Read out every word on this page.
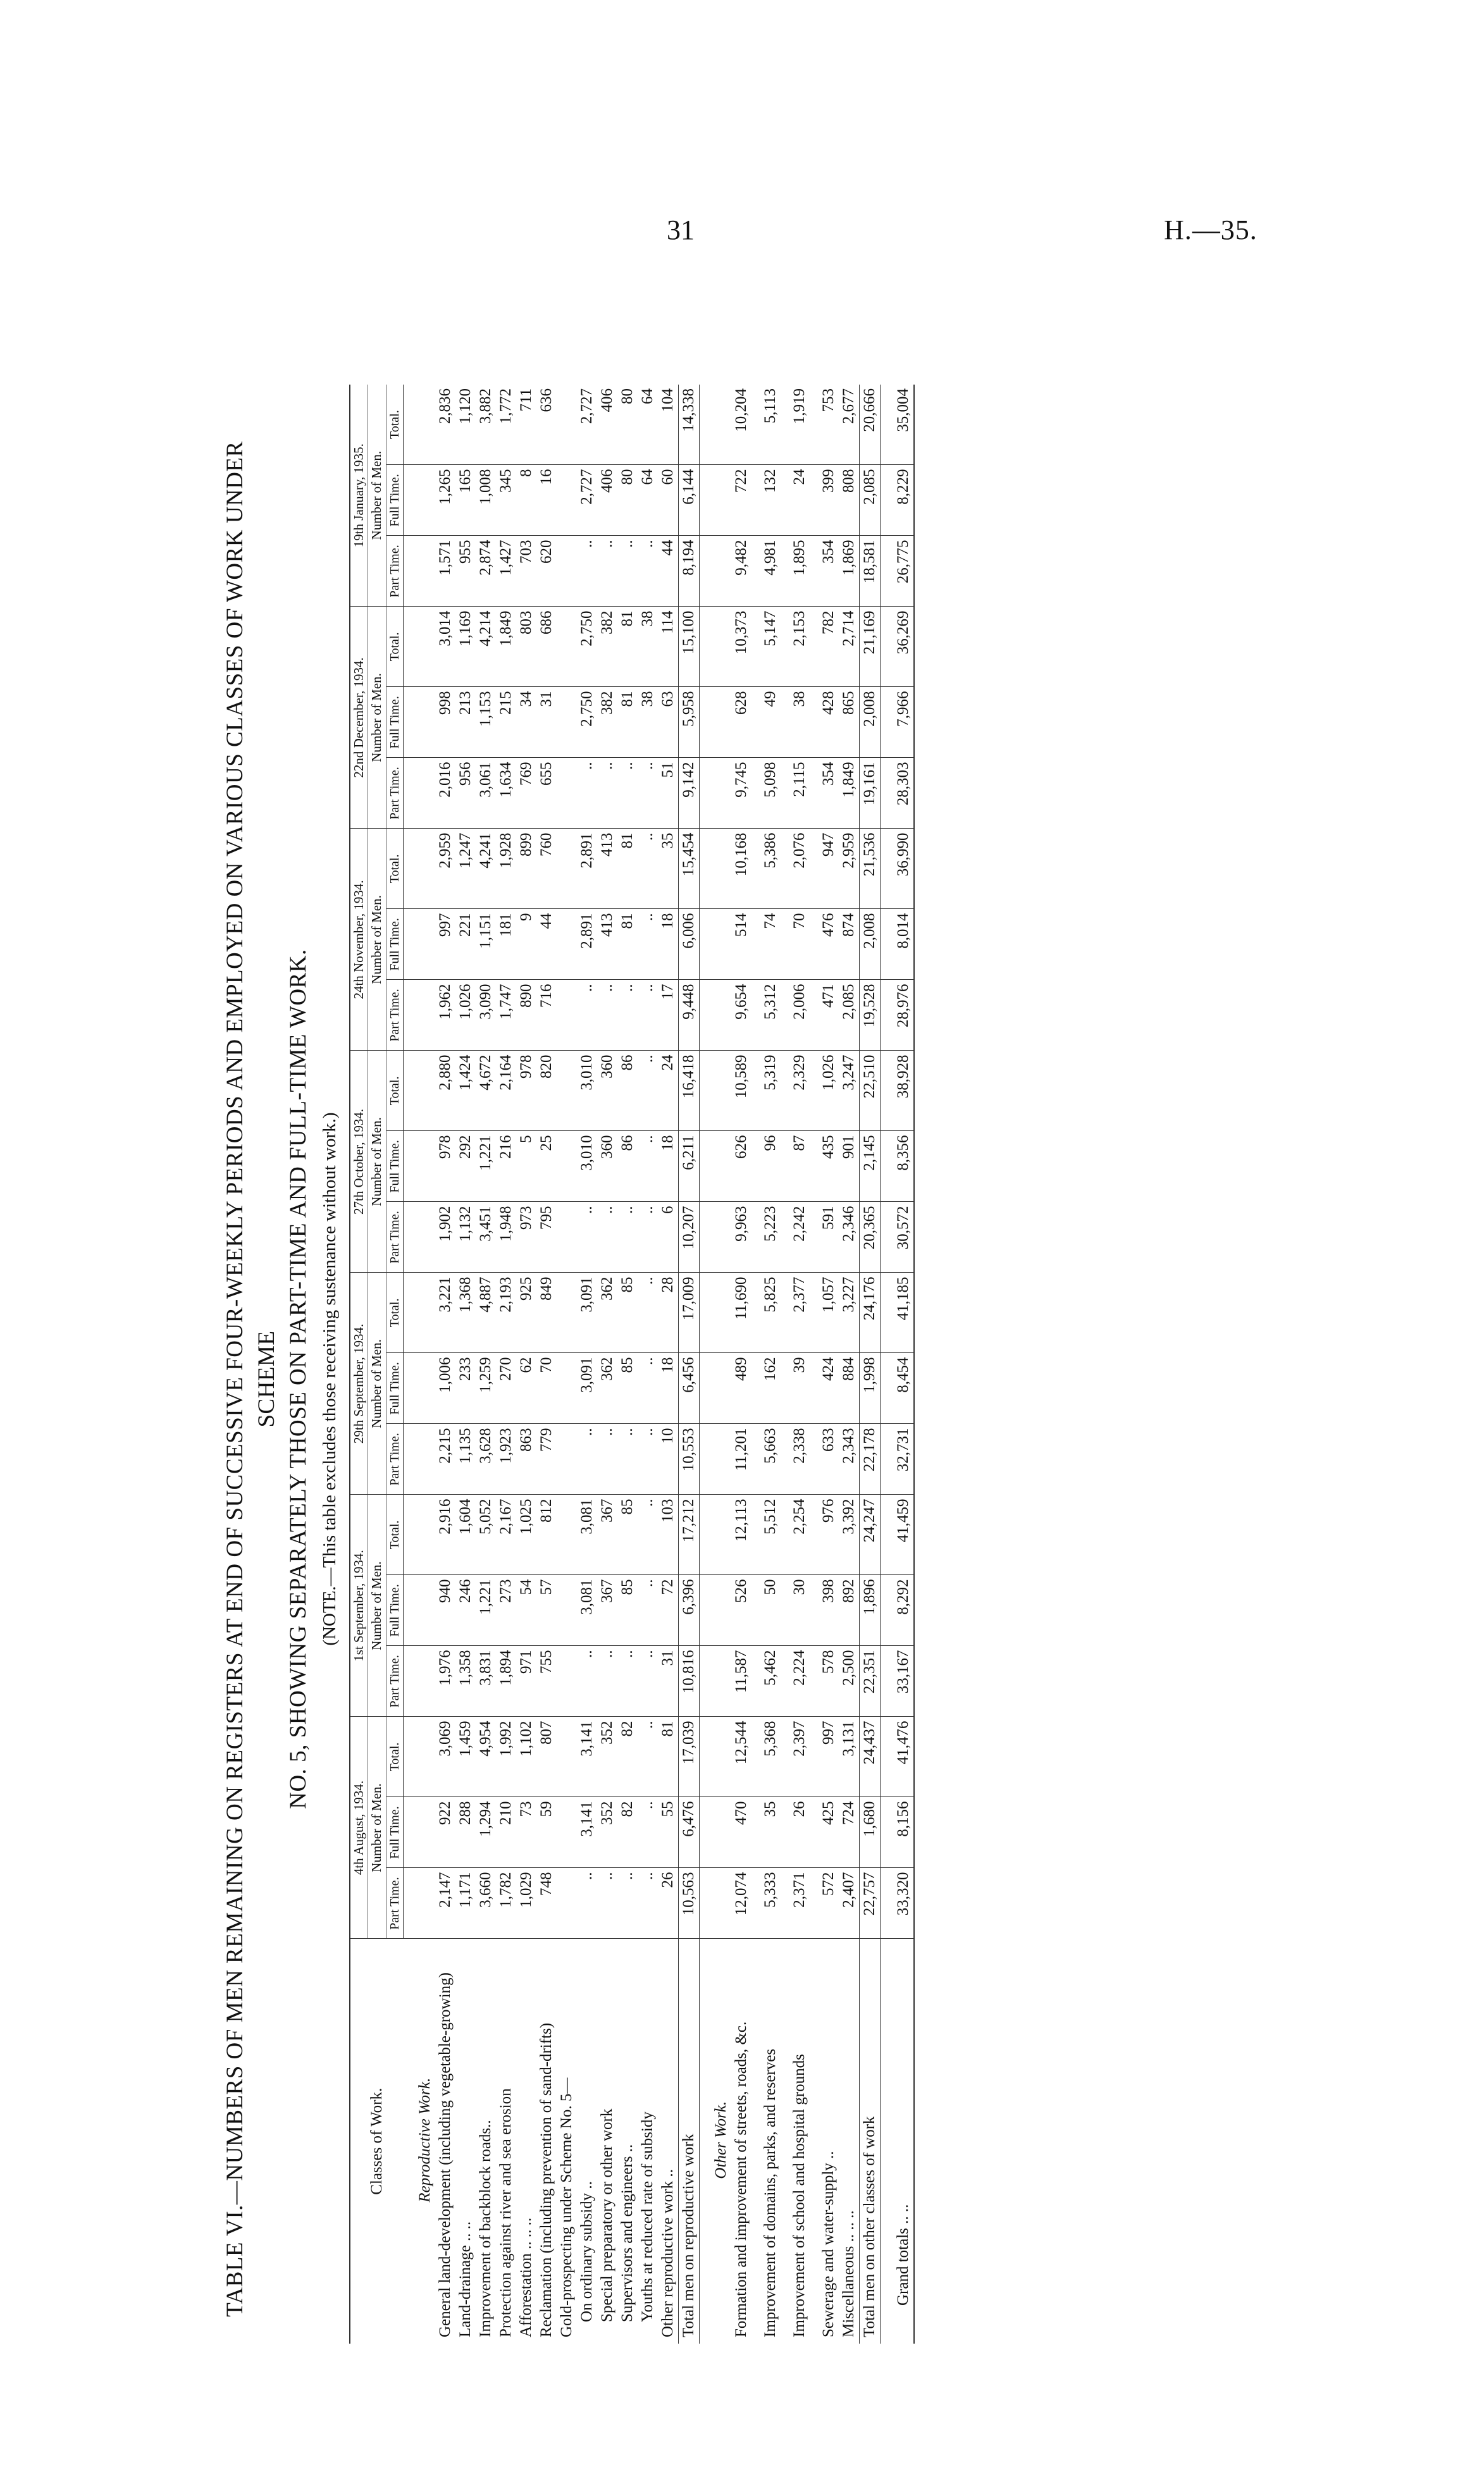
31	H.—35.
TABLE VI.—NUMBERS OF MEN REMAINING ON REGISTERS AT END OF SUCCESSIVE FOUR-WEEKLY PERIODS AND EMPLOYED ON VARIOUS CLASSES OF WORK UNDER SCHEME NO. 5, SHOWING SEPARATELY THOSE ON PART-TIME AND FULL-TIME WORK. (NOTE.—This table excludes those receiving sustenance without work.)
Classes of Work.	4th August, 1934.			1st September, 1934.			29th September, 1934.			27th October, 1934.			24th November, 1934.			22nd December, 1934.			19th January, 1935.		
	Number of Men.			Number of Men.			Number of Men.			Number of Men.			Number of Men.			Number of Men.			Number of Men.		
	Part Time.	Full Time.	Total.	Part Time.	Full Time.	Total.	Part Time.	Full Time.	Total.	Part Time.	Full Time.	Total.	Part Time.	Full Time.	Total.	Part Time.	Full Time.	Total.	Part Time.	Full Time.	Total.
Reproductive Work.																					
General land-development (including vegetable-growing)	2,147	922	3,069	1,976	940	2,916	2,215	1,006	3,221	1,902	978	2,880	1,962	997	2,959	2,016	998	3,014	1,571	1,265	2,836
Land-drainage .. ..	1,171	288	1,459	1,358	246	1,604	1,135	233	1,368	1,132	292	1,424	1,026	221	1,247	956	213	1,169	955	165	1,120
Improvement of backblock roads..	3,660	1,294	4,954	3,831	1,221	5,052	3,628	1,259	4,887	3,451	1,221	4,672	3,090	1,151	4,241	3,061	1,153	4,214	2,874	1,008	3,882
Protection against river and sea erosion	1,782	210	1,992	1,894	273	2,167	1,923	270	2,193	1,948	216	2,164	1,747	181	1,928	1,634	215	1,849	1,427	345	1,772
Afforestation .. .. ..	1,029	73	1,102	971	54	1,025	863	62	925	973	5	978	890	9	899	769	34	803	703	8	711
Reclamation (including prevention of sand-drifts)	748	59	807	755	57	812	779	70	849	795	25	820	716	44	760	655	31	686	620	16	636
Gold-prospecting under Scheme No. 5—																					
On ordinary subsidy ..	..	3,141	3,141	..	3,081	3,081	..	3,091	3,091	..	3,010	3,010	..	2,891	2,891	..	2,750	2,750	..	2,727	2,727
Special preparatory or other work	..	352	352	..	367	367	..	362	362	..	360	360	..	413	413	..	382	382	..	406	406
Supervisors and engineers ..	..	82	82	..	85	85	..	85	85	..	86	86	..	81	81	..	81	81	..	80	80
Youths at reduced rate of subsidy	..	..	..	..	..	..	..	..	..	..	..	..	..	..	..	..	38	38	..	64	64
Other reproductive work ..	26	55	81	31	72	103	10	18	28	6	18	24	17	18	35	51	63	114	44	60	104
Total men on reproductive work	10,563	6,476	17,039	10,816	6,396	17,212	10,553	6,456	17,009	10,207	6,211	16,418	9,448	6,006	15,454	9,142	5,958	15,100	8,194	6,144	14,338
Other Work.																					
Formation and improvement of streets, roads, &c.	12,074	470	12,544	11,587	526	12,113	11,201	489	11,690	9,963	626	10,589	9,654	514	10,168	9,745	628	10,373	9,482	722	10,204
Improvement of domains, parks, and reserves	5,333	35	5,368	5,462	50	5,512	5,663	162	5,825	5,223	96	5,319	5,312	74	5,386	5,098	49	5,147	4,981	132	5,113
Improvement of school and hospital grounds	2,371	26	2,397	2,224	30	2,254	2,338	39	2,377	2,242	87	2,329	2,006	70	2,076	2,115	38	2,153	1,895	24	1,919
Sewerage and water-supply ..	572	425	997	578	398	976	633	424	1,057	591	435	1,026	471	476	947	354	428	782	354	399	753
Miscellaneous .. .. ..	2,407	724	3,131	2,500	892	3,392	2,343	884	3,227	2,346	901	3,247	2,085	874	2,959	1,849	865	2,714	1,869	808	2,677
Total men on other classes of work	22,757	1,680	24,437	22,351	1,896	24,247	22,178	1,998	24,176	20,365	2,145	22,510	19,528	2,008	21,536	19,161	2,008	21,169	18,581	2,085	20,666
Grand totals .. ..	33,320	8,156	41,476	33,167	8,292	41,459	32,731	8,454	41,185	30,572	8,356	38,928	28,976	8,014	36,990	28,303	7,966	36,269	26,775	8,229	35,004
